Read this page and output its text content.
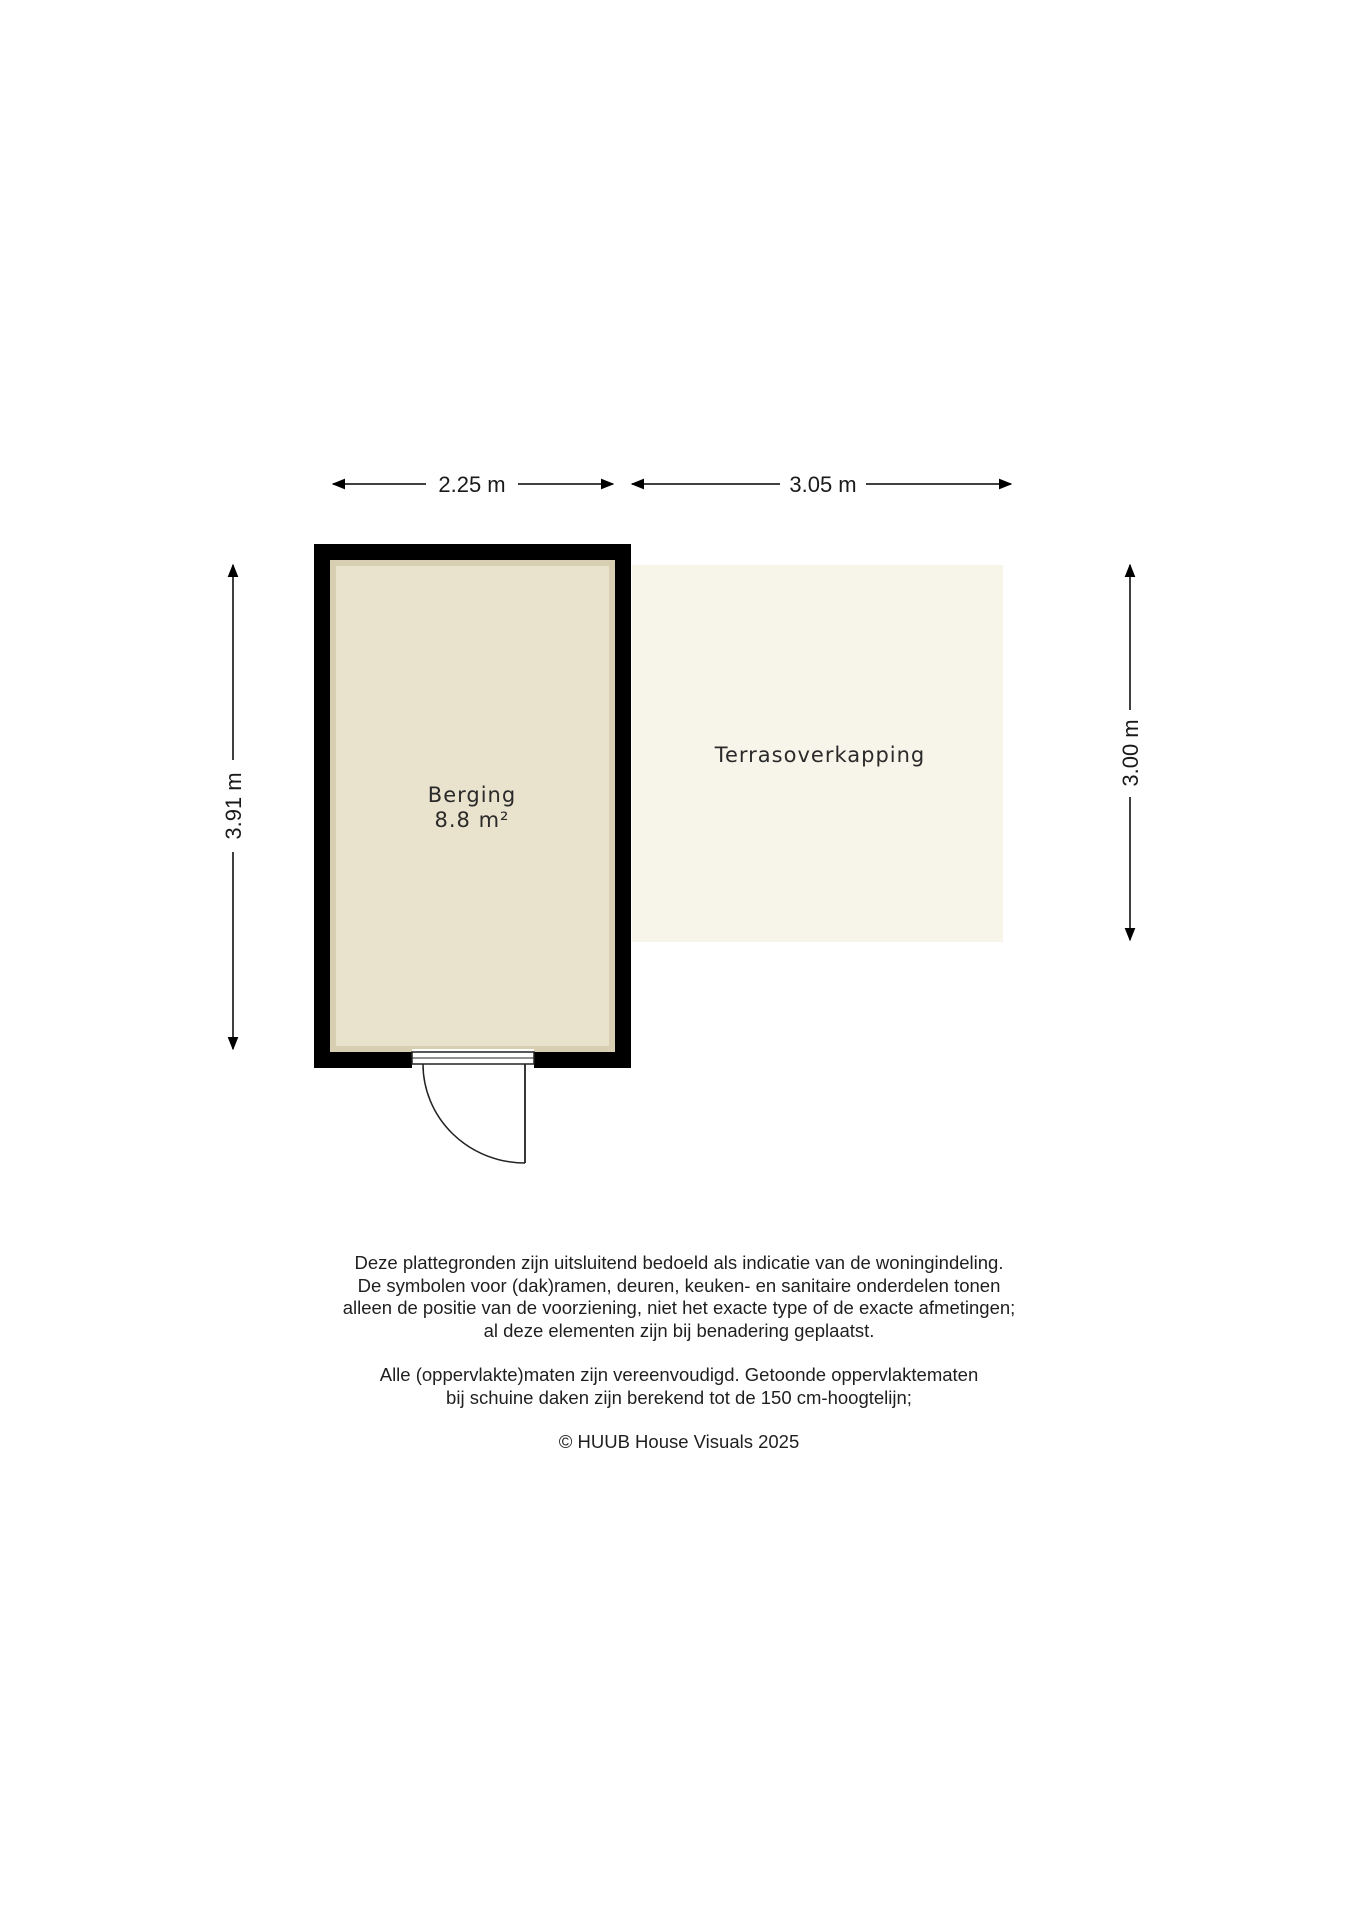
Berging
8.8 m²
Terrasoverkapping
2.25 m	3.05 m
3.91 m
3.00 m
Deze plattegronden zijn uitsluitend bedoeld als indicatie van de woningindeling.
De symbolen voor (dak)ramen, deuren, keuken- en sanitaire onderdelen tonen
alleen de positie van de voorziening, niet het exacte type of de exacte afmetingen;
al deze elementen zijn bij benadering geplaatst.
Alle (oppervlakte)maten zijn vereenvoudigd. Getoonde oppervlaktematen
bij schuine daken zijn berekend tot de 150 cm-hoogtelijn;
© HUUB House Visuals 2025
